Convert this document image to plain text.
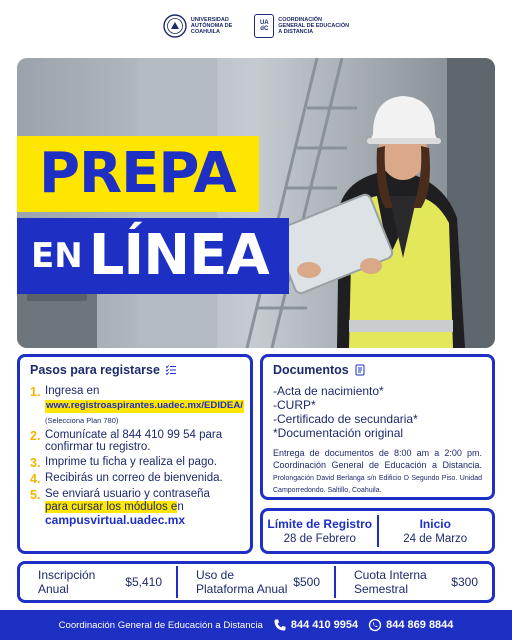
UNIVERSIDAD
AUTÓNOMA DE
COAHUILA
UA
dC
COORDINACIÓN
GENERAL DE EDUCACIÓN
A DISTANCIA
PREPA
EN LÍNEA
Pasos para registarse
1. Ingresa en
www.registroaspirantes.uadec.mx/EDIDEA/
(Selecciona Plan 780)
2. Comunícate al 844 410 99 54 para confirmar tu registro.
3. Imprime tu ficha y realiza el pago.
4. Recibirás un correo de bienvenida.
5. Se enviará usuario y contraseña
para cursar los módulos en
campusvirtual.uadec.mx
Documentos
-Acta de nacimiento*
-CURP*
-Certificado de secundaria*
*Documentación original
Entrega de documentos de 8:00 am a 2:00 pm. Coordinación General de Educación a Distancia. Prolongación David Berlanga s/n Edificio D Segundo Piso. Unidad Camporredondo. Saltillo, Coahuila.
Límite de Registro
28 de Febrero
Inicio
24 de Marzo
Inscripción
Anual	$5,410
Uso de
Plataforma Anual $500
Cuota Interna
Semestral	$300
Coordinación General de Educación a Distancia	844 410 9954	844 869 8844
